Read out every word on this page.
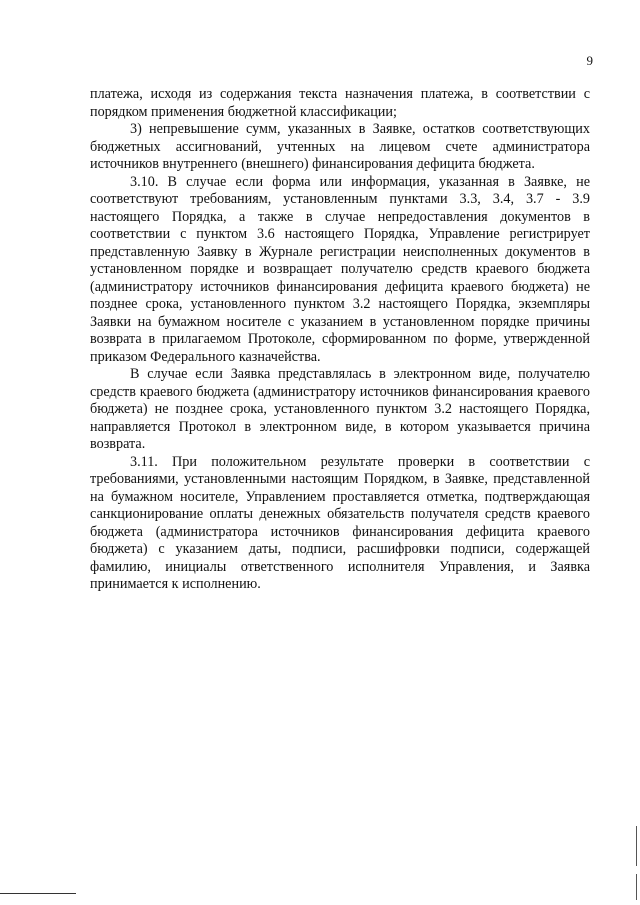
9

платежа, исходя из содержания текста назначения платежа, в соответствии с порядком применения бюджетной классификации;

3) непревышение сумм, указанных в Заявке, остатков соответствующих бюджетных ассигнований, учтенных на лицевом счете администратора источников внутреннего (внешнего) финансирования дефицита бюджета.

3.10. В случае если форма или информация, указанная в Заявке, не соответствуют требованиям, установленным пунктами 3.3, 3.4, 3.7 - 3.9 настоящего Порядка, а также в случае непредоставления документов в соответствии с пунктом 3.6 настоящего Порядка, Управление регистрирует представленную Заявку в Журнале регистрации неисполненных документов в установленном порядке и возвращает получателю средств краевого бюджета (администратору источников финансирования дефицита краевого бюджета) не позднее срока, установленного пунктом 3.2 настоящего Порядка, экземпляры Заявки на бумажном носителе с указанием в установленном порядке причины возврата в прилагаемом Протоколе, сформированном по форме, утвержденной приказом Федерального казначейства.

В случае если Заявка представлялась в электронном виде, получателю средств краевого бюджета (администратору источников финансирования краевого бюджета) не позднее срока, установленного пунктом 3.2 настоящего Порядка, направляется Протокол в электронном виде, в котором указывается причина возврата.

3.11. При положительном результате проверки в соответствии с требованиями, установленными настоящим Порядком, в Заявке, представленной на бумажном носителе, Управлением проставляется отметка, подтверждающая санкционирование оплаты денежных обязательств получателя средств краевого бюджета (администратора источников финансирования дефицита краевого бюджета) с указанием даты, подписи, расшифровки подписи, содержащей фамилию, инициалы ответственного исполнителя Управления, и Заявка принимается к исполнению.
